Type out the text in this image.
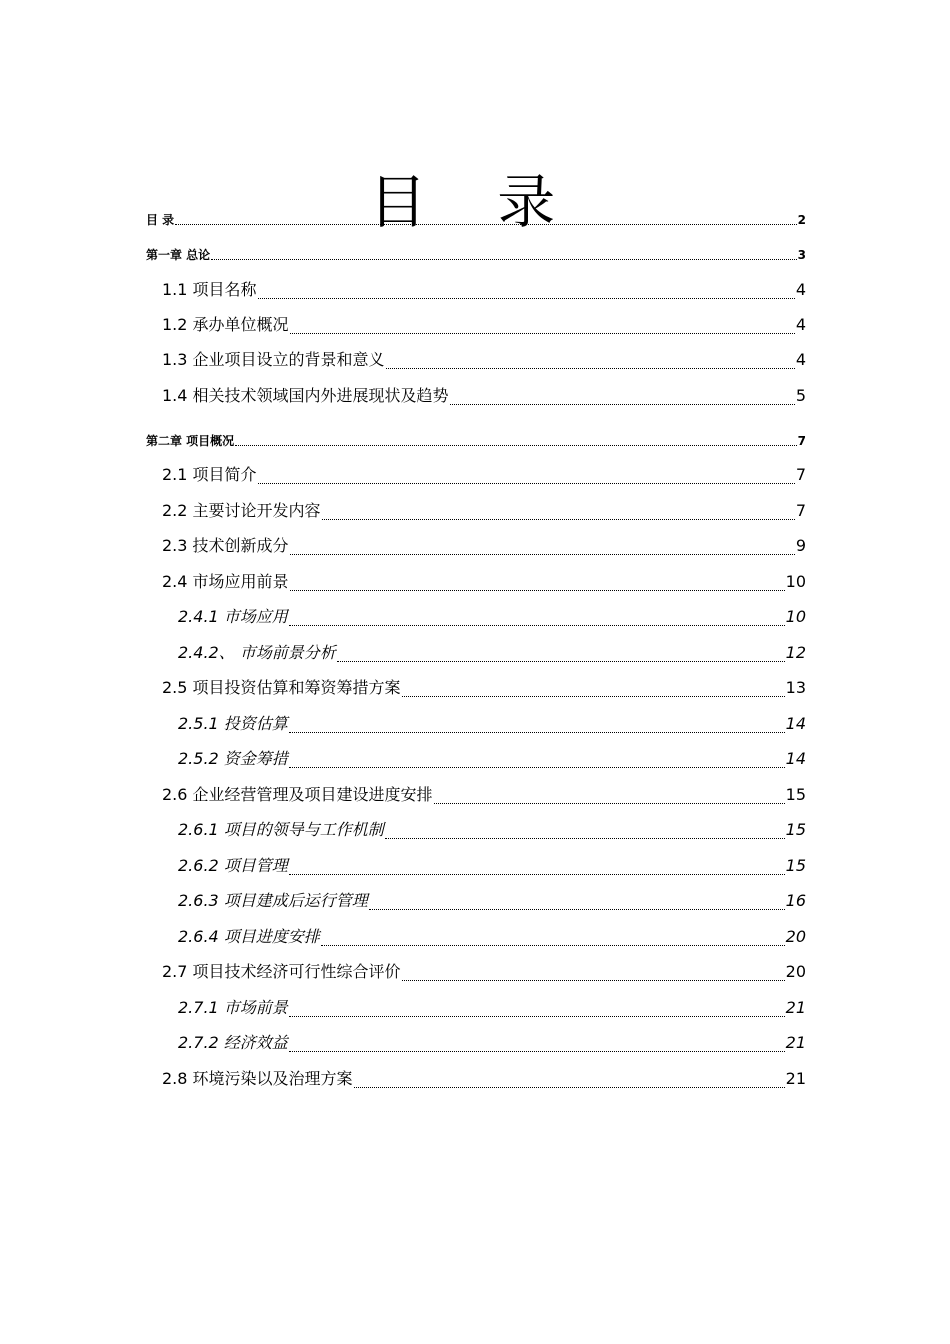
目 录
目 录	2
第一章 总论	3
1.1 项目名称	4
1.2 承办单位概况	4
1.3 企业项目设立的背景和意义	4
1.4 相关技术领域国内外进展现状及趋势	5
第二章 项目概况	7
2.1 项目简介	7
2.2 主要讨论开发内容	7
2.3 技术创新成分	9
2.4 市场应用前景	10
2.4.1 市场应用	10
2.4.2、 市场前景分析	12
2.5 项目投资估算和筹资筹措方案	13
2.5.1 投资估算	14
2.5.2 资金筹措	14
2.6 企业经营管理及项目建设进度安排	15
2.6.1 项目的领导与工作机制	15
2.6.2 项目管理	15
2.6.3 项目建成后运行管理	16
2.6.4 项目进度安排	20
2.7 项目技术经济可行性综合评价	20
2.7.1 市场前景	21
2.7.2 经济效益	21
2.8 环境污染以及治理方案	21
